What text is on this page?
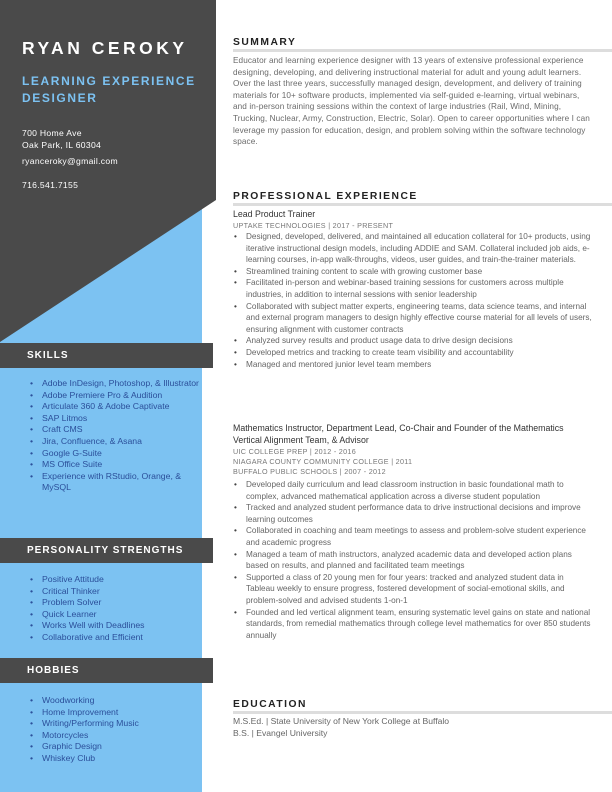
RYAN CEROKY
LEARNING EXPERIENCE DESIGNER
700 Home Ave
Oak Park, IL 60304
ryanceroky@gmail.com
716.541.7155
SKILLS
• Adobe InDesign, Photoshop, & Illustrator
• Adobe Premiere Pro & Audition
• Articulate 360 & Adobe Captivate
• SAP Litmos
• Craft CMS
• Jira, Confluence, & Asana
• Google G-Suite
• MS Office Suite
• Experience with RStudio, Orange, & MySQL
PERSONALITY STRENGTHS
• Positive Attitude
• Critical Thinker
• Problem Solver
• Quick Learner
• Works Well with Deadlines
• Collaborative and Efficient
HOBBIES
• Woodworking
• Home Improvement
• Writing/Performing Music
• Motorcycles
• Graphic Design
• Whiskey Club
SUMMARY
Educator and learning experience designer with 13 years of extensive professional experience designing, developing, and delivering instructional material for adult and young adult learners. Over the last three years, successfully managed design, development, and delivery of training materials for 10+ software products, implemented via self-guided e-learning, virtual webinars, and in-person training sessions within the context of large industries (Rail, Wind, Mining, Trucking, Nuclear, Army, Construction, Electric, Solar). Open to career opportunities where I can leverage my passion for education, design, and problem solving within the software technology space.
PROFESSIONAL EXPERIENCE
Lead Product Trainer
UPTAKE TECHNOLOGIES | 2017 - PRESENT
• Designed, developed, delivered, and maintained all education collateral for 10+ products, using iterative instructional design models, including ADDIE and SAM. Collateral included job aids, e-learning courses, in-app walk-throughs, videos, user guides, and train-the-trainer materials.
• Streamlined training content to scale with growing customer base
• Facilitated in-person and webinar-based training sessions for customers across multiple industries, in addition to internal sessions with senior leadership
• Collaborated with subject matter experts, engineering teams, data science teams, and internal and external program managers to design highly effective course material for all levels of users, ensuring alignment with customer contracts
• Analyzed survey results and product usage data to drive design decisions
• Developed metrics and tracking to create team visibility and accountability
• Managed and mentored junior level team members
Mathematics Instructor, Department Lead, Co-Chair and Founder of the Mathematics Vertical Alignment Team, & Advisor
UIC COLLEGE PREP | 2012 - 2016
NIAGARA COUNTY COMMUNITY COLLEGE | 2011
BUFFALO PUBLIC SCHOOLS | 2007 - 2012
• Developed daily curriculum and lead classroom instruction in basic foundational math to complex, advanced mathematical application across a diverse student population
• Tracked and analyzed student performance data to drive instructional decisions and improve learning outcomes
• Collaborated in coaching and team meetings to assess and problem-solve student experience and academic progress
• Managed a team of math instructors, analyzed academic data and developed action plans based on results, and planned and facilitated team meetings
• Supported a class of 20 young men for four years: tracked and analyzed student data in Tableau weekly to ensure progress, fostered development of social-emotional skills, and problem-solved and advised students 1-on-1
• Founded and led vertical alignment team, ensuring systematic level gains on state and national standards, from remedial mathematics through college level mathematics for over 850 students annually
EDUCATION
M.S.Ed. | State University of New York College at Buffalo
B.S. | Evangel University
